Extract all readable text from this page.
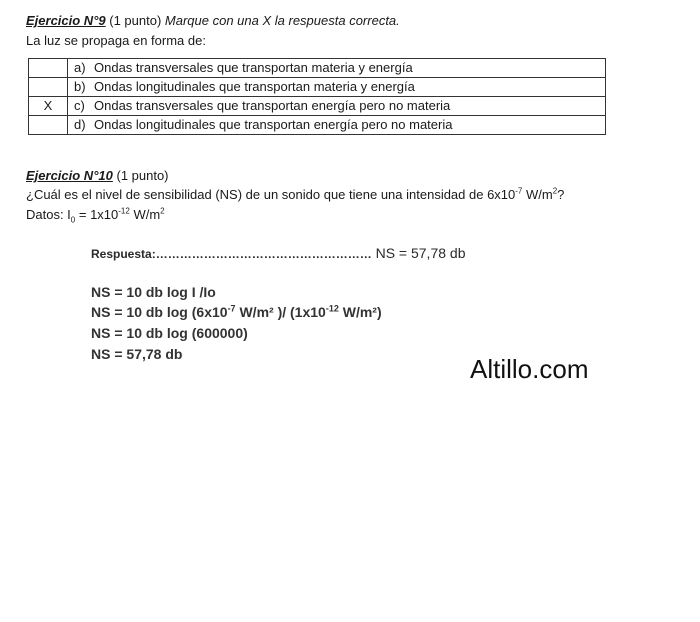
Ejercicio N°9 (1 punto) Marque con una X la respuesta correcta.
La luz se propaga en forma de:
	a) Ondas transversales que transportan materia y energía
	b) Ondas longitudinales que transportan materia y energía
X	c) Ondas transversales que transportan energía pero no materia
	d) Ondas longitudinales que transportan energía pero no materia
Ejercicio N°10 (1 punto)
¿Cuál es el nivel de sensibilidad (NS) de un sonido que tiene una intensidad de $6x10^{-7}$ $W/m^2$?
Datos: $I_0 = 1x10^{-12}$ $W/m^2$
Respuesta:……………………………………………… NS = 57,78 db
NS = 10 db log I /Io
NS = 10 db $\log (6x10^{-7}$ W/m² )/ ($1x10^{-12}$ W/m²)
NS = 10 db log (600000)
NS = 57,78 db	Altillo.com
